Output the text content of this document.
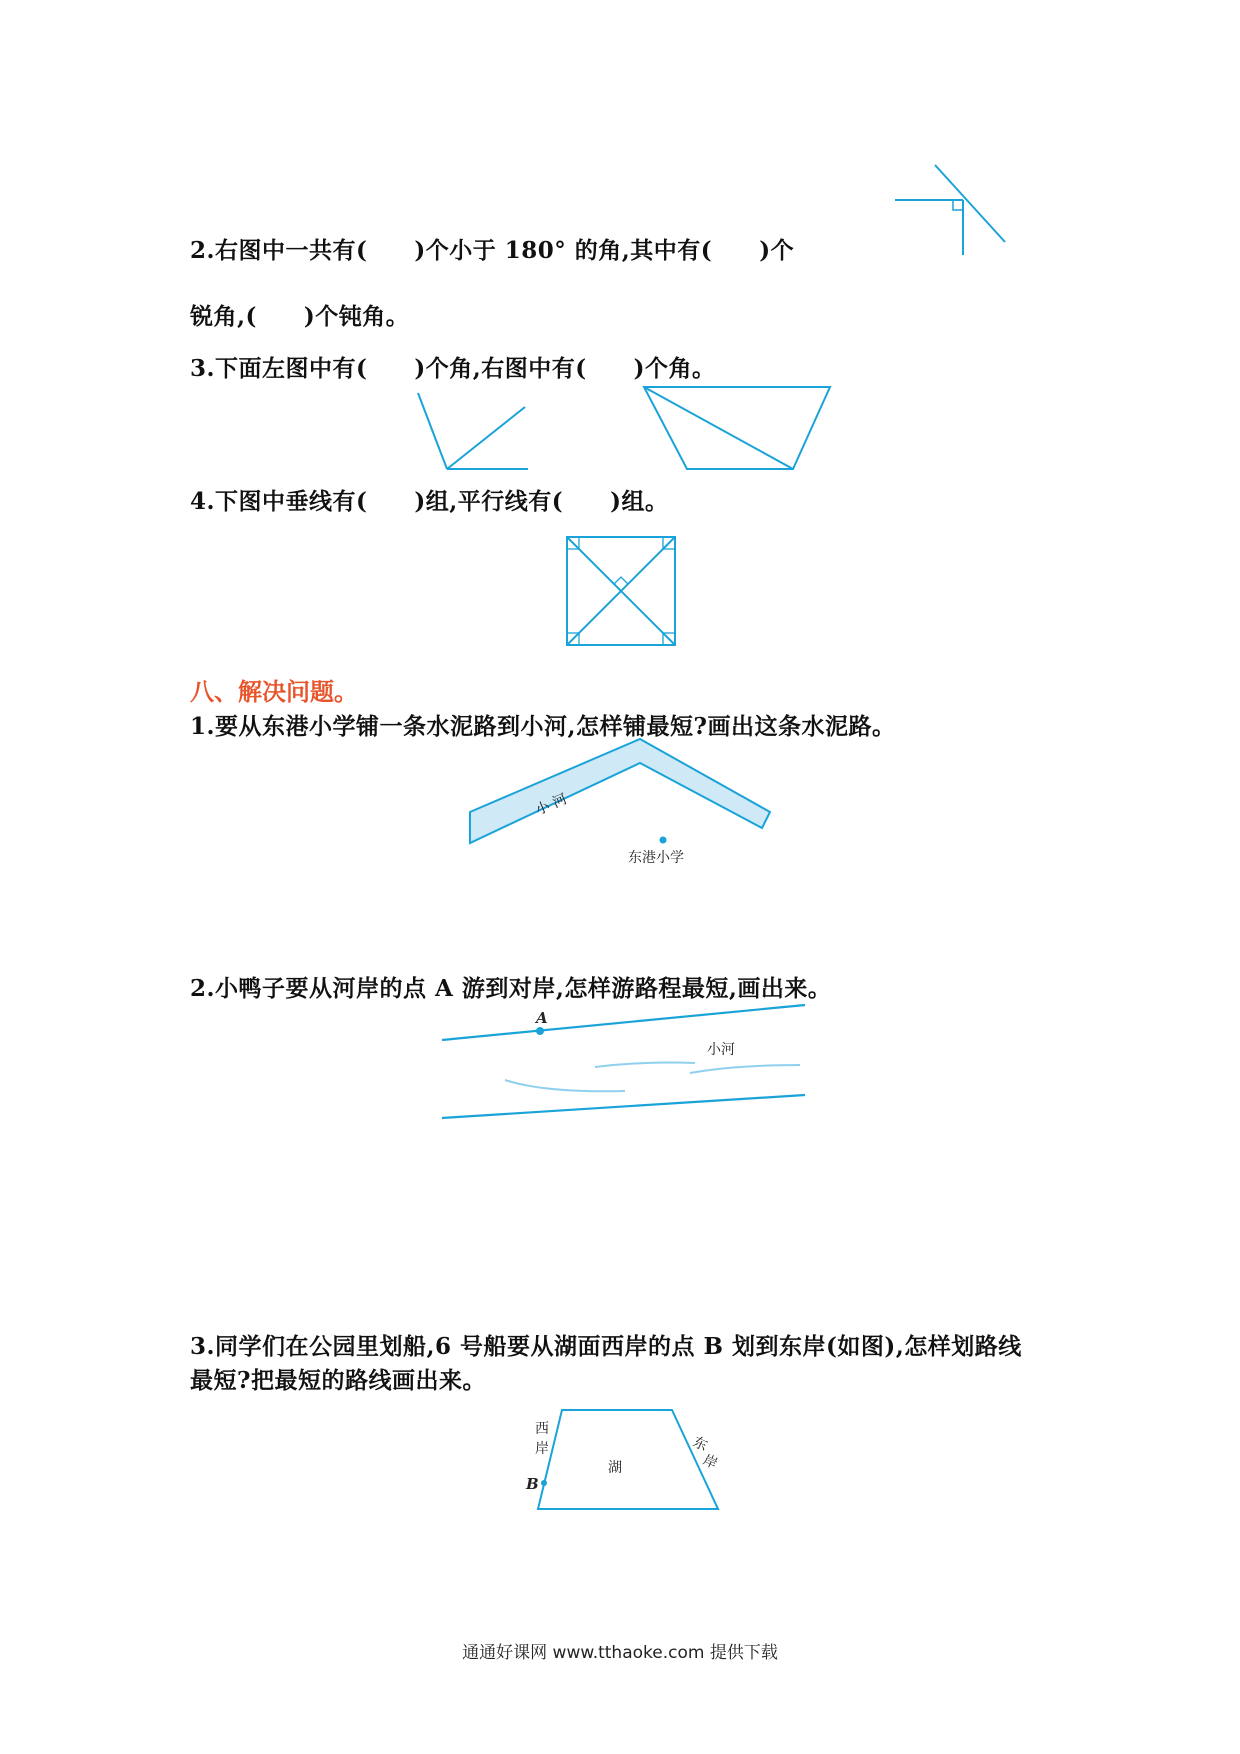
2.右图中一共有(　　)个小于 180° 的角,其中有(　　)个
锐角,(　　)个钝角。
3.下面左图中有(　　)个角,右图中有(　　)个角。
4.下图中垂线有(　　)组,平行线有(　　)组。
八、解决问题。
1.要从东港小学铺一条水泥路到小河,怎样铺最短?画出这条水泥路。
小 河
东港小学
2.小鸭子要从河岸的点 A 游到对岸,怎样游路程最短,画出来。
A
小河
3.同学们在公园里划船,6 号船要从湖面西岸的点 B 划到东岸(如图),怎样划路线
最短?把最短的路线画出来。
西
岸	东
岸
湖
B
通通好课网 www.tthaoke.com 提供下载
